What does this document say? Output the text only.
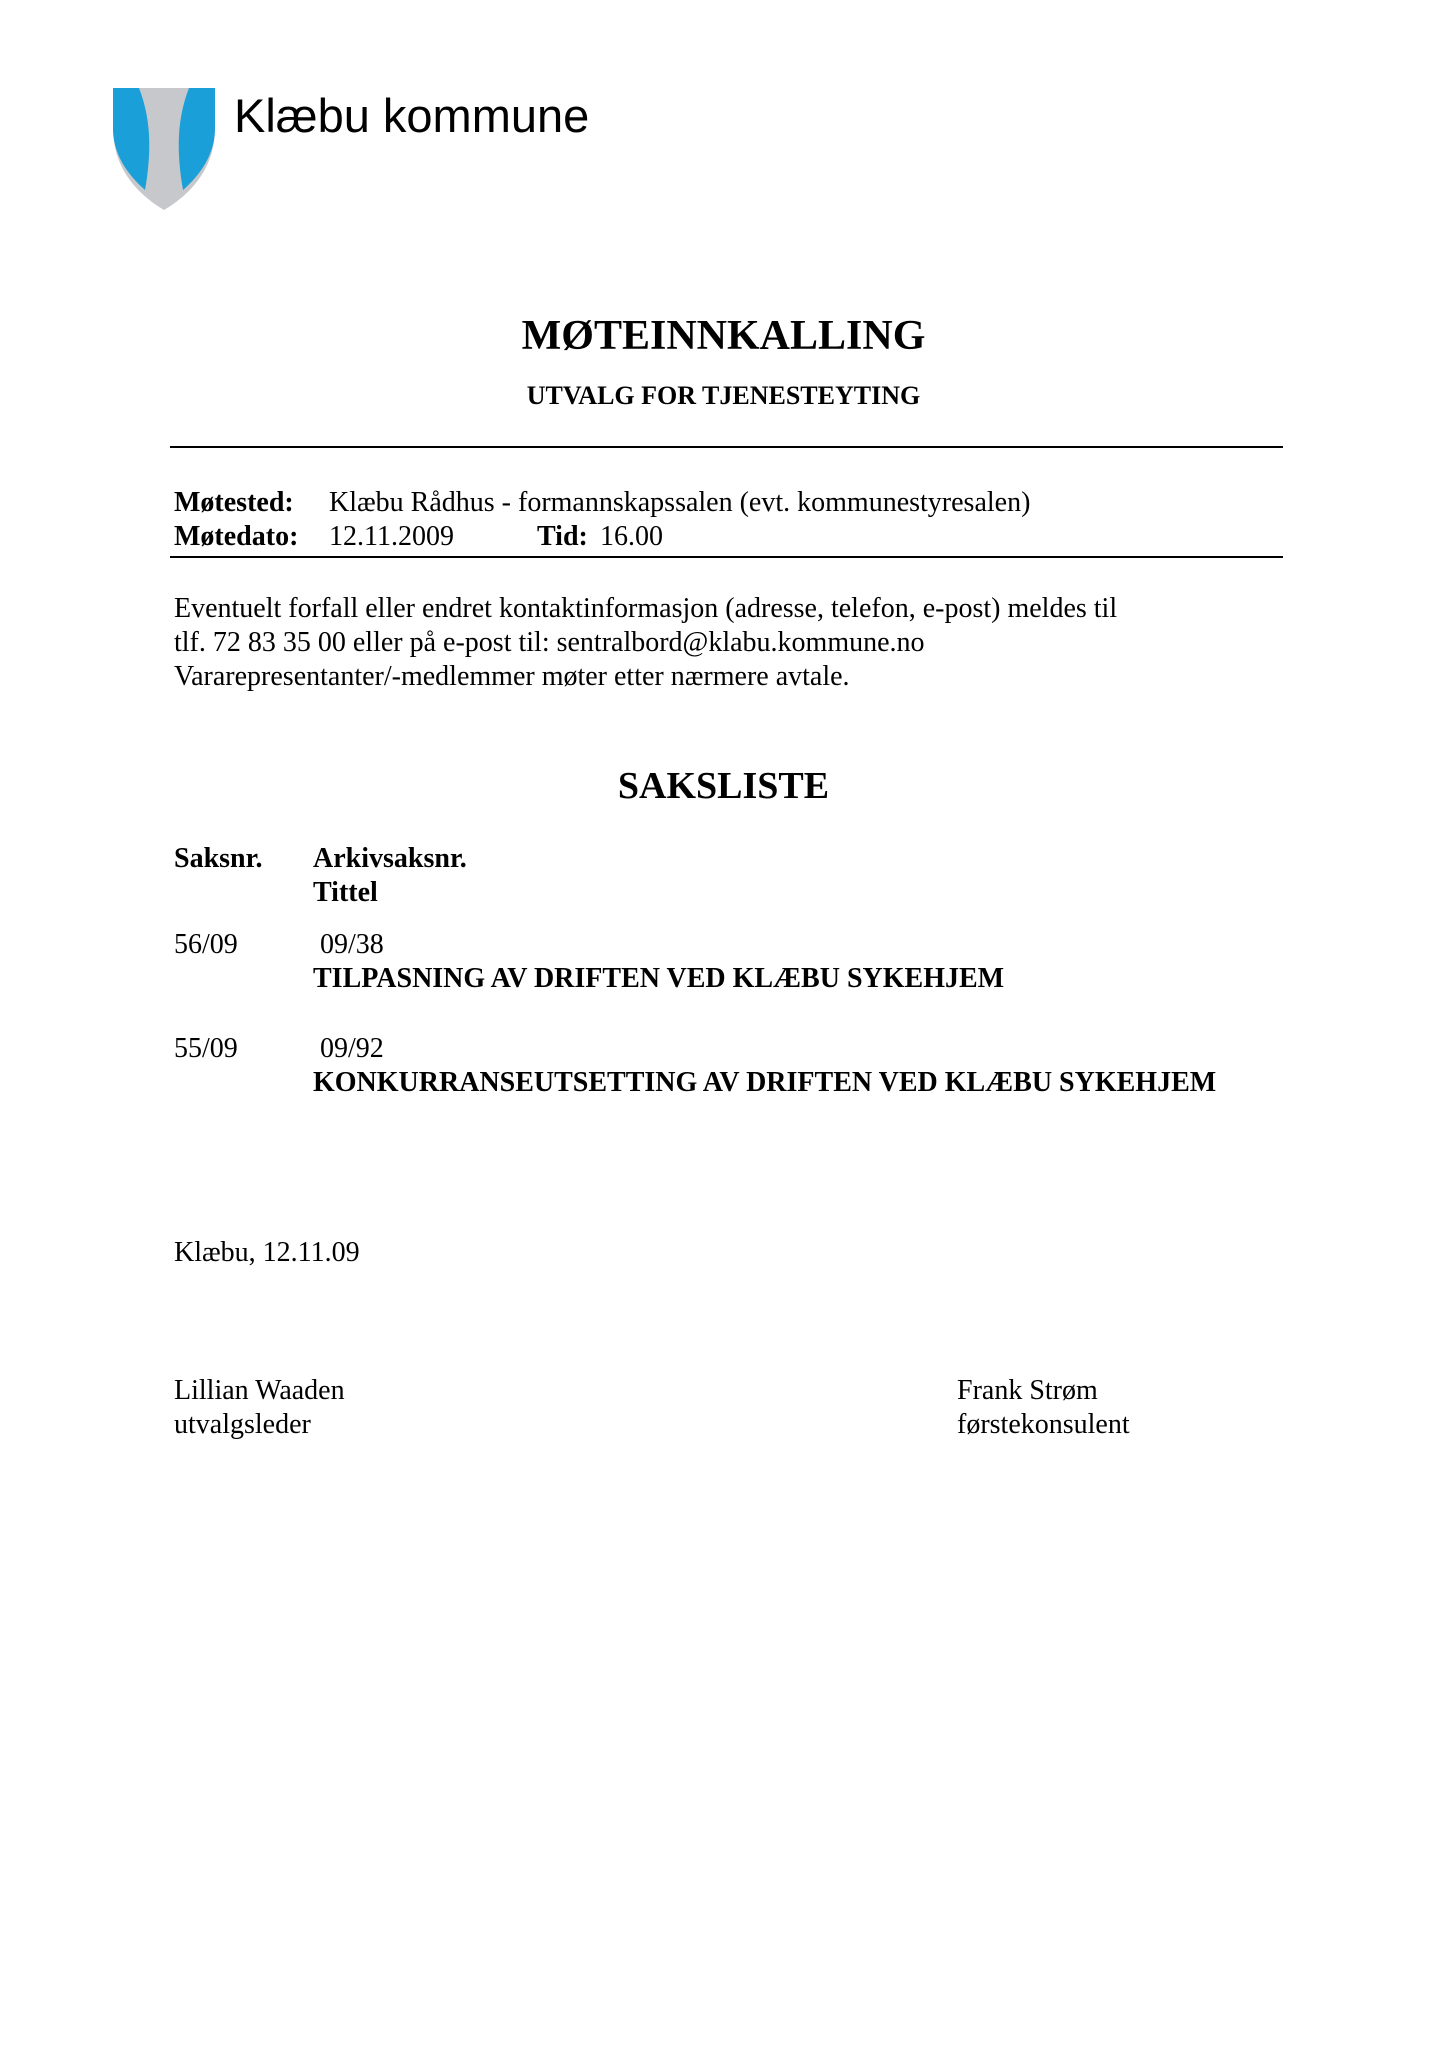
Klæbu kommune
MØTEINNKALLING
UTVALG FOR TJENESTEYTING
Møtested: Klæbu Rådhus - formannskapssalen (evt. kommunestyresalen)
Møtedato: 12.11.2009	Tid: 16.00
Eventuelt forfall eller endret kontaktinformasjon (adresse, telefon, e-post) meldes til
tlf. 72 83 35 00 eller på e-post til: sentralbord@klabu.kommune.no
Vararepresentanter/-medlemmer møter etter nærmere avtale.
SAKSLISTE
Saksnr. Arkivsaksnr.
Tittel
56/09	09/38
TILPASNING AV DRIFTEN VED KLÆBU SYKEHJEM
55/09	09/92
KONKURRANSEUTSETTING AV DRIFTEN VED KLÆBU SYKEHJEM
Klæbu, 12.11.09
Lillian Waaden
utvalgsleder
Frank Strøm
førstekonsulent
